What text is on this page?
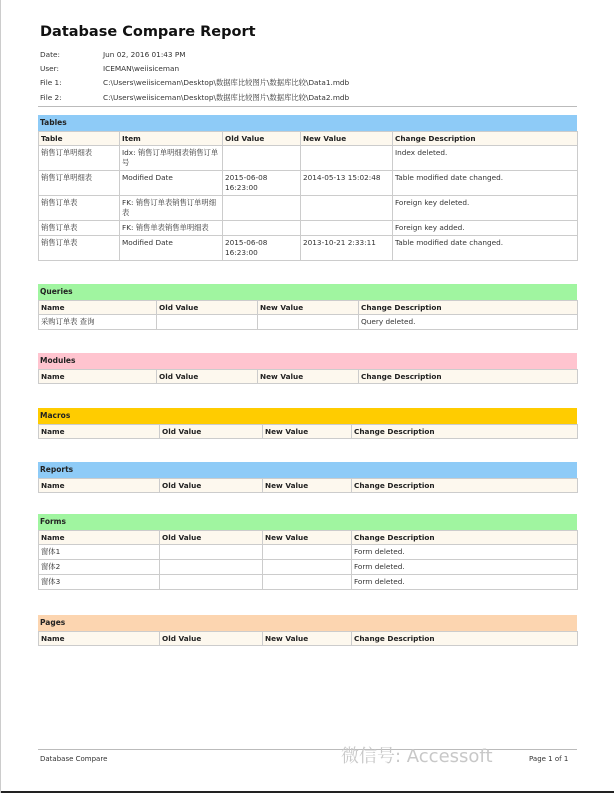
Database Compare Report
Date:	Jun 02, 2016 01:43 PM
User:	ICEMAN\weiisiceman
File 1:	C:\Users\weiisiceman\Desktop\数据库比较图片\数据库比较\Data1.mdb
File 2:	C:\Users\weiisiceman\Desktop\数据库比较图片\数据库比较\Data2.mdb
Tables
Table	Item	Old Value	New Value	Change Description
销售订单明细表	Idx: 销售订单明细表销售订单号			Index deleted.
销售订单明细表	Modified Date	2015-06-08 16:23:00	2014-05-13 15:02:48	Table modified date changed.
销售订单表	FK: 销售订单表销售订单明细表			Foreign key deleted.
销售订单表	FK: 销售单表销售单明细表			Foreign key added.
销售订单表	Modified Date	2015-06-08 16:23:00	2013-10-21 2:33:11	Table modified date changed.
Queries
Name	Old Value	New Value	Change Description
采购订单表 查询			Query deleted.
Modules
Name	Old Value	New Value	Change Description
Macros
Name	Old Value	New Value	Change Description
Reports
Name	Old Value	New Value	Change Description
Forms
Name	Old Value	New Value	Change Description
窗体1			Form deleted.
窗体2			Form deleted.
窗体3			Form deleted.
Pages
Name	Old Value	New Value	Change Description
Database Compare	微信号: Accessoft	Page 1 of 1
